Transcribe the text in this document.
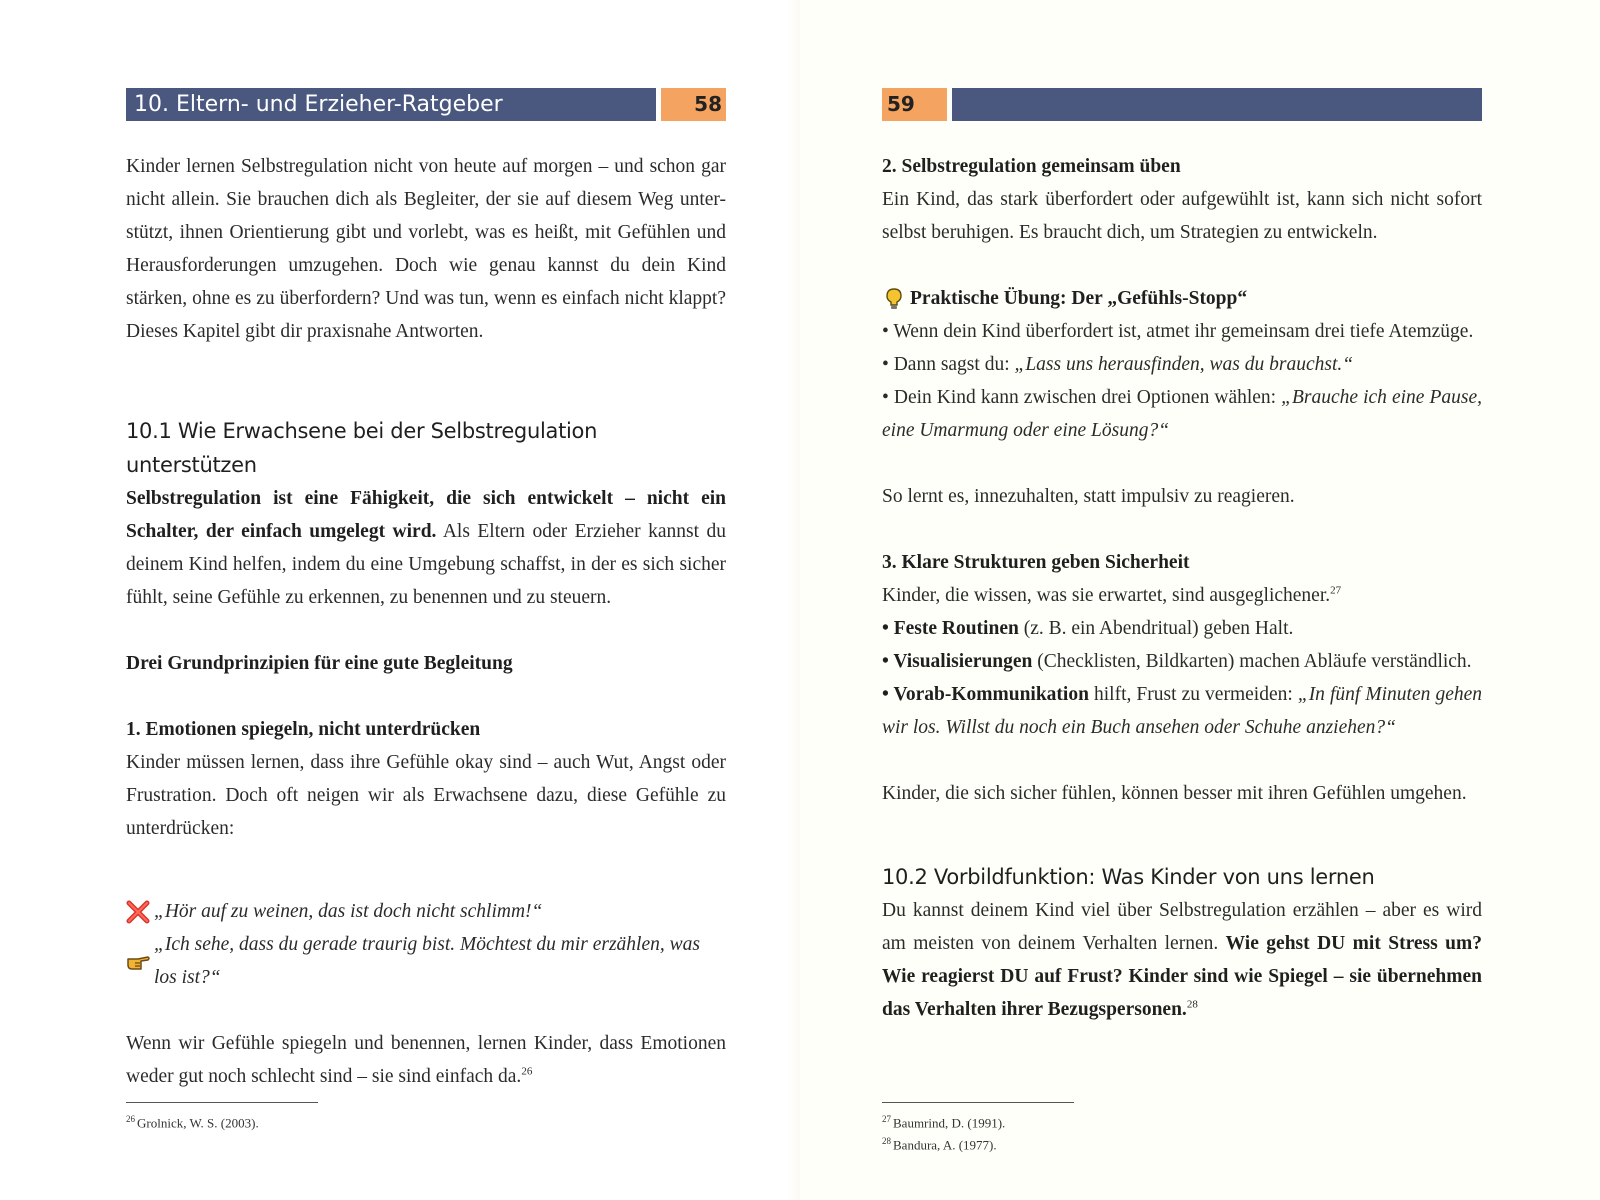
10. Eltern- und Erzieher-Ratgeber	58

Kinder lernen Selbstregulation nicht von heute auf morgen – und schon gar nicht allein. Sie brauchen dich als Begleiter, der sie auf diesem Weg unter-stützt, ihnen Orientierung gibt und vorlebt, was es heißt, mit Gefühlen und Herausforderungen umzugehen. Doch wie genau kannst du dein Kind stärken, ohne es zu überfordern? Und was tun, wenn es einfach nicht klappt? Dieses Kapitel gibt dir praxisnahe Antworten.

10.1 Wie Erwachsene bei der Selbstregulation unterstützen

Selbstregulation ist eine Fähigkeit, die sich entwickelt – nicht ein Schalter, der einfach umgelegt wird. Als Eltern oder Erzieher kannst du deinem Kind helfen, indem du eine Umgebung schaffst, in der es sich sicher fühlt, seine Gefühle zu erkennen, zu benennen und zu steuern.

Drei Grundprinzipien für eine gute Begleitung

1. Emotionen spiegeln, nicht unterdrücken

Kinder müssen lernen, dass ihre Gefühle okay sind – auch Wut, Angst oder Frustration. Doch oft neigen wir als Erwachsene dazu, diese Gefühle zu unterdrücken:

„Hör auf zu weinen, das ist doch nicht schlimm!“
„Ich sehe, dass du gerade traurig bist. Möchtest du mir erzählen, was los ist?“

Wenn wir Gefühle spiegeln und benennen, lernen Kinder, dass Emotionen weder gut noch schlecht sind – sie sind einfach da.$^{26}$

$^{26}$ Grolnick, W. S. (2003).
59

2. Selbstregulation gemeinsam üben

Ein Kind, das stark überfordert oder aufgewühlt ist, kann sich nicht sofort selbst beruhigen. Es braucht dich, um Strategien zu entwickeln.

Praktische Übung: Der „Gefühls-Stopp“

• Wenn dein Kind überfordert ist, atmet ihr gemeinsam drei tiefe Atemzüge.

• Dann sagst du: „Lass uns herausfinden, was du brauchst.“

• Dein Kind kann zwischen drei Optionen wählen: „Brauche ich eine Pause, eine Umarmung oder eine Lösung?“

So lernt es, innezuhalten, statt impulsiv zu reagieren.

3. Klare Strukturen geben Sicherheit

Kinder, die wissen, was sie erwartet, sind ausgeglichener.$^{27}$

• Feste Routinen (z. B. ein Abendritual) geben Halt.

• Visualisierungen (Checklisten, Bildkarten) machen Abläufe verständlich.

• Vorab-Kommunikation hilft, Frust zu vermeiden: „In fünf Minuten gehen wir los. Willst du noch ein Buch ansehen oder Schuhe anziehen?“

Kinder, die sich sicher fühlen, können besser mit ihren Gefühlen umgehen.

10.2 Vorbildfunktion: Was Kinder von uns lernen

Du kannst deinem Kind viel über Selbstregulation erzählen – aber es wird am meisten von deinem Verhalten lernen. Wie gehst DU mit Stress um? Wie reagierst DU auf Frust? Kinder sind wie Spiegel – sie übernehmen das Verhalten ihrer Bezugspersonen.$^{28}$

$^{27}$ Baumrind, D. (1991).
$^{28}$ Bandura, A. (1977).
